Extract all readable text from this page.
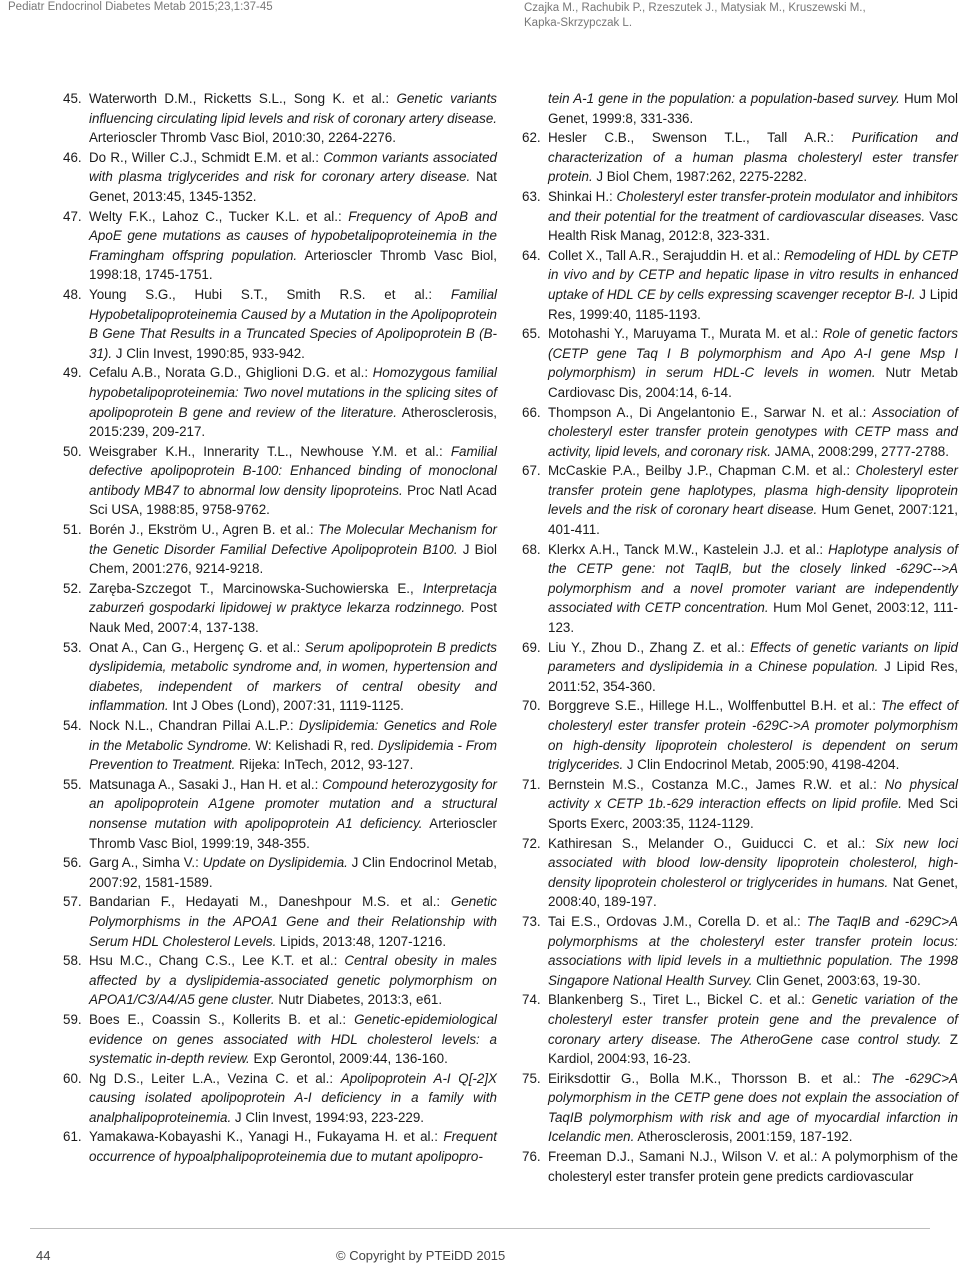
Pediatr Endocrinol Diabetes Metab 2015;23,1:37-45	Czajka M., Rachubik P., Rzeszutek J., Matysiak M., Kruszewski M.,
Kapka-Skrzypczak L.
45. Waterworth D.M., Ricketts S.L., Song K. et al.: Genetic variants influencing circulating lipid levels and risk of coronary artery disease. Arterioscler Thromb Vasc Biol, 2010:30, 2264-2276.
46. Do R., Willer C.J., Schmidt E.M. et al.: Common variants associated with plasma triglycerides and risk for coronary artery disease. Nat Genet, 2013:45, 1345-1352.
47. Welty F.K., Lahoz C., Tucker K.L. et al.: Frequency of ApoB and ApoE gene mutations as causes of hypobetalipoproteinemia in the Framingham offspring population. Arterioscler Thromb Vasc Biol, 1998:18, 1745-1751.
48. Young S.G., Hubi S.T., Smith R.S. et al.: Familial Hypobetalipoproteinemia Caused by a Mutation in the Apolipoprotein B Gene That Results in a Truncated Species of Apolipoprotein B (B-31). J Clin Invest, 1990:85, 933-942.
49. Cefalu A.B., Norata G.D., Ghiglioni D.G. et al.: Homozygous familial hypobetalipoproteinemia: Two novel mutations in the splicing sites of apolipoprotein B gene and review of the literature. Atherosclerosis, 2015:239, 209-217.
50. Weisgraber K.H., Innerarity T.L., Newhouse Y.M. et al.: Familial defective apolipoprotein B-100: Enhanced binding of monoclonal antibody MB47 to abnormal low density lipoproteins. Proc Natl Acad Sci USA, 1988:85, 9758-9762.
51. Borén J., Ekström U., Agren B. et al.: The Molecular Mechanism for the Genetic Disorder Familial Defective Apolipoprotein B100. J Biol Chem, 2001:276, 9214-9218.
52. Zaręba-Szczegot T., Marcinowska-Suchowierska E., Interpretacja zaburzeń gospodarki lipidowej w praktyce lekarza rodzinnego. Post Nauk Med, 2007:4, 137-138.
53. Onat A., Can G., Hergenç G. et al.: Serum apolipoprotein B predicts dyslipidemia, metabolic syndrome and, in women, hypertension and diabetes, independent of markers of central obesity and inflammation. Int J Obes (Lond), 2007:31, 1119-1125.
54. Nock N.L., Chandran Pillai A.L.P.: Dyslipidemia: Genetics and Role in the Metabolic Syndrome. W: Kelishadi R, red. Dyslipidemia - From Prevention to Treatment. Rijeka: InTech, 2012, 93-127.
55. Matsunaga A., Sasaki J., Han H. et al.: Compound heterozygosity for an apolipoprotein A1gene promoter mutation and a structural nonsense mutation with apolipoprotein A1 deficiency. Arterioscler Thromb Vasc Biol, 1999:19, 348-355.
56. Garg A., Simha V.: Update on Dyslipidemia. J Clin Endocrinol Metab, 2007:92, 1581-1589.
57. Bandarian F., Hedayati M., Daneshpour M.S. et al.: Genetic Polymorphisms in the APOA1 Gene and their Relationship with Serum HDL Cholesterol Levels. Lipids, 2013:48, 1207-1216.
58. Hsu M.C., Chang C.S., Lee K.T. et al.: Central obesity in males affected by a dyslipidemia-associated genetic polymorphism on APOA1/C3/A4/A5 gene cluster. Nutr Diabetes, 2013:3, e61.
59. Boes E., Coassin S., Kollerits B. et al.: Genetic-epidemiological evidence on genes associated with HDL cholesterol levels: a systematic in-depth review. Exp Gerontol, 2009:44, 136-160.
60. Ng D.S., Leiter L.A., Vezina C. et al.: Apolipoprotein A-I Q[-2]X causing isolated apolipoprotein A-I deficiency in a family with analphalipoproteinemia. J Clin Invest, 1994:93, 223-229.
61. Yamakawa-Kobayashi K., Yanagi H., Fukayama H. et al.: Frequent occurrence of hypoalphalipoproteinemia due to mutant apolipopro-
tein A-1 gene in the population: a population-based survey. Hum Mol Genet, 1999:8, 331-336.
62. Hesler C.B., Swenson T.L., Tall A.R.: Purification and characterization of a human plasma cholesteryl ester transfer protein. J Biol Chem, 1987:262, 2275-2282.
63. Shinkai H.: Cholesteryl ester transfer-protein modulator and inhibitors and their potential for the treatment of cardiovascular diseases. Vasc Health Risk Manag, 2012:8, 323-331.
64. Collet X., Tall A.R., Serajuddin H. et al.: Remodeling of HDL by CETP in vivo and by CETP and hepatic lipase in vitro results in enhanced uptake of HDL CE by cells expressing scavenger receptor B-I. J Lipid Res, 1999:40, 1185-1193.
65. Motohashi Y., Maruyama T., Murata M. et al.: Role of genetic factors (CETP gene Taq I B polymorphism and Apo A-I gene Msp I polymorphism) in serum HDL-C levels in women. Nutr Metab Cardiovasc Dis, 2004:14, 6-14.
66. Thompson A., Di Angelantonio E., Sarwar N. et al.: Association of cholesteryl ester transfer protein genotypes with CETP mass and activity, lipid levels, and coronary risk. JAMA, 2008:299, 2777-2788.
67. McCaskie P.A., Beilby J.P., Chapman C.M. et al.: Cholesteryl ester transfer protein gene haplotypes, plasma high-density lipoprotein levels and the risk of coronary heart disease. Hum Genet, 2007:121, 401-411.
68. Klerkx A.H., Tanck M.W., Kastelein J.J. et al.: Haplotype analysis of the CETP gene: not TaqIB, but the closely linked -629C-->A polymorphism and a novel promoter variant are independently associated with CETP concentration. Hum Mol Genet, 2003:12, 111-123.
69. Liu Y., Zhou D., Zhang Z. et al.: Effects of genetic variants on lipid parameters and dyslipidemia in a Chinese population. J Lipid Res, 2011:52, 354-360.
70. Borggreve S.E., Hillege H.L., Wolffenbuttel B.H. et al.: The effect of cholesteryl ester transfer protein -629C->A promoter polymorphism on high-density lipoprotein cholesterol is dependent on serum triglycerides. J Clin Endocrinol Metab, 2005:90, 4198-4204.
71. Bernstein M.S., Costanza M.C., James R.W. et al.: No physical activity x CETP 1b.-629 interaction effects on lipid profile. Med Sci Sports Exerc, 2003:35, 1124-1129.
72. Kathiresan S., Melander O., Guiducci C. et al.: Six new loci associated with blood low-density lipoprotein cholesterol, high-density lipoprotein cholesterol or triglycerides in humans. Nat Genet, 2008:40, 189-197.
73. Tai E.S., Ordovas J.M., Corella D. et al.: The TaqIB and -629C>A polymorphisms at the cholesteryl ester transfer protein locus: associations with lipid levels in a multiethnic population. The 1998 Singapore National Health Survey. Clin Genet, 2003:63, 19-30.
74. Blankenberg S., Tiret L., Bickel C. et al.: Genetic variation of the cholesteryl ester transfer protein gene and the prevalence of coronary artery disease. The AtheroGene case control study. Z Kardiol, 2004:93, 16-23.
75. Eiriksdottir G., Bolla M.K., Thorsson B. et al.: The -629C>A polymorphism in the CETP gene does not explain the association of TaqIB polymorphism with risk and age of myocardial infarction in Icelandic men. Atherosclerosis, 2001:159, 187-192.
76. Freeman D.J., Samani N.J., Wilson V. et al.: A polymorphism of the cholesteryl ester transfer protein gene predicts cardiovascular
44	© Copyright by PTEiDD 2015
